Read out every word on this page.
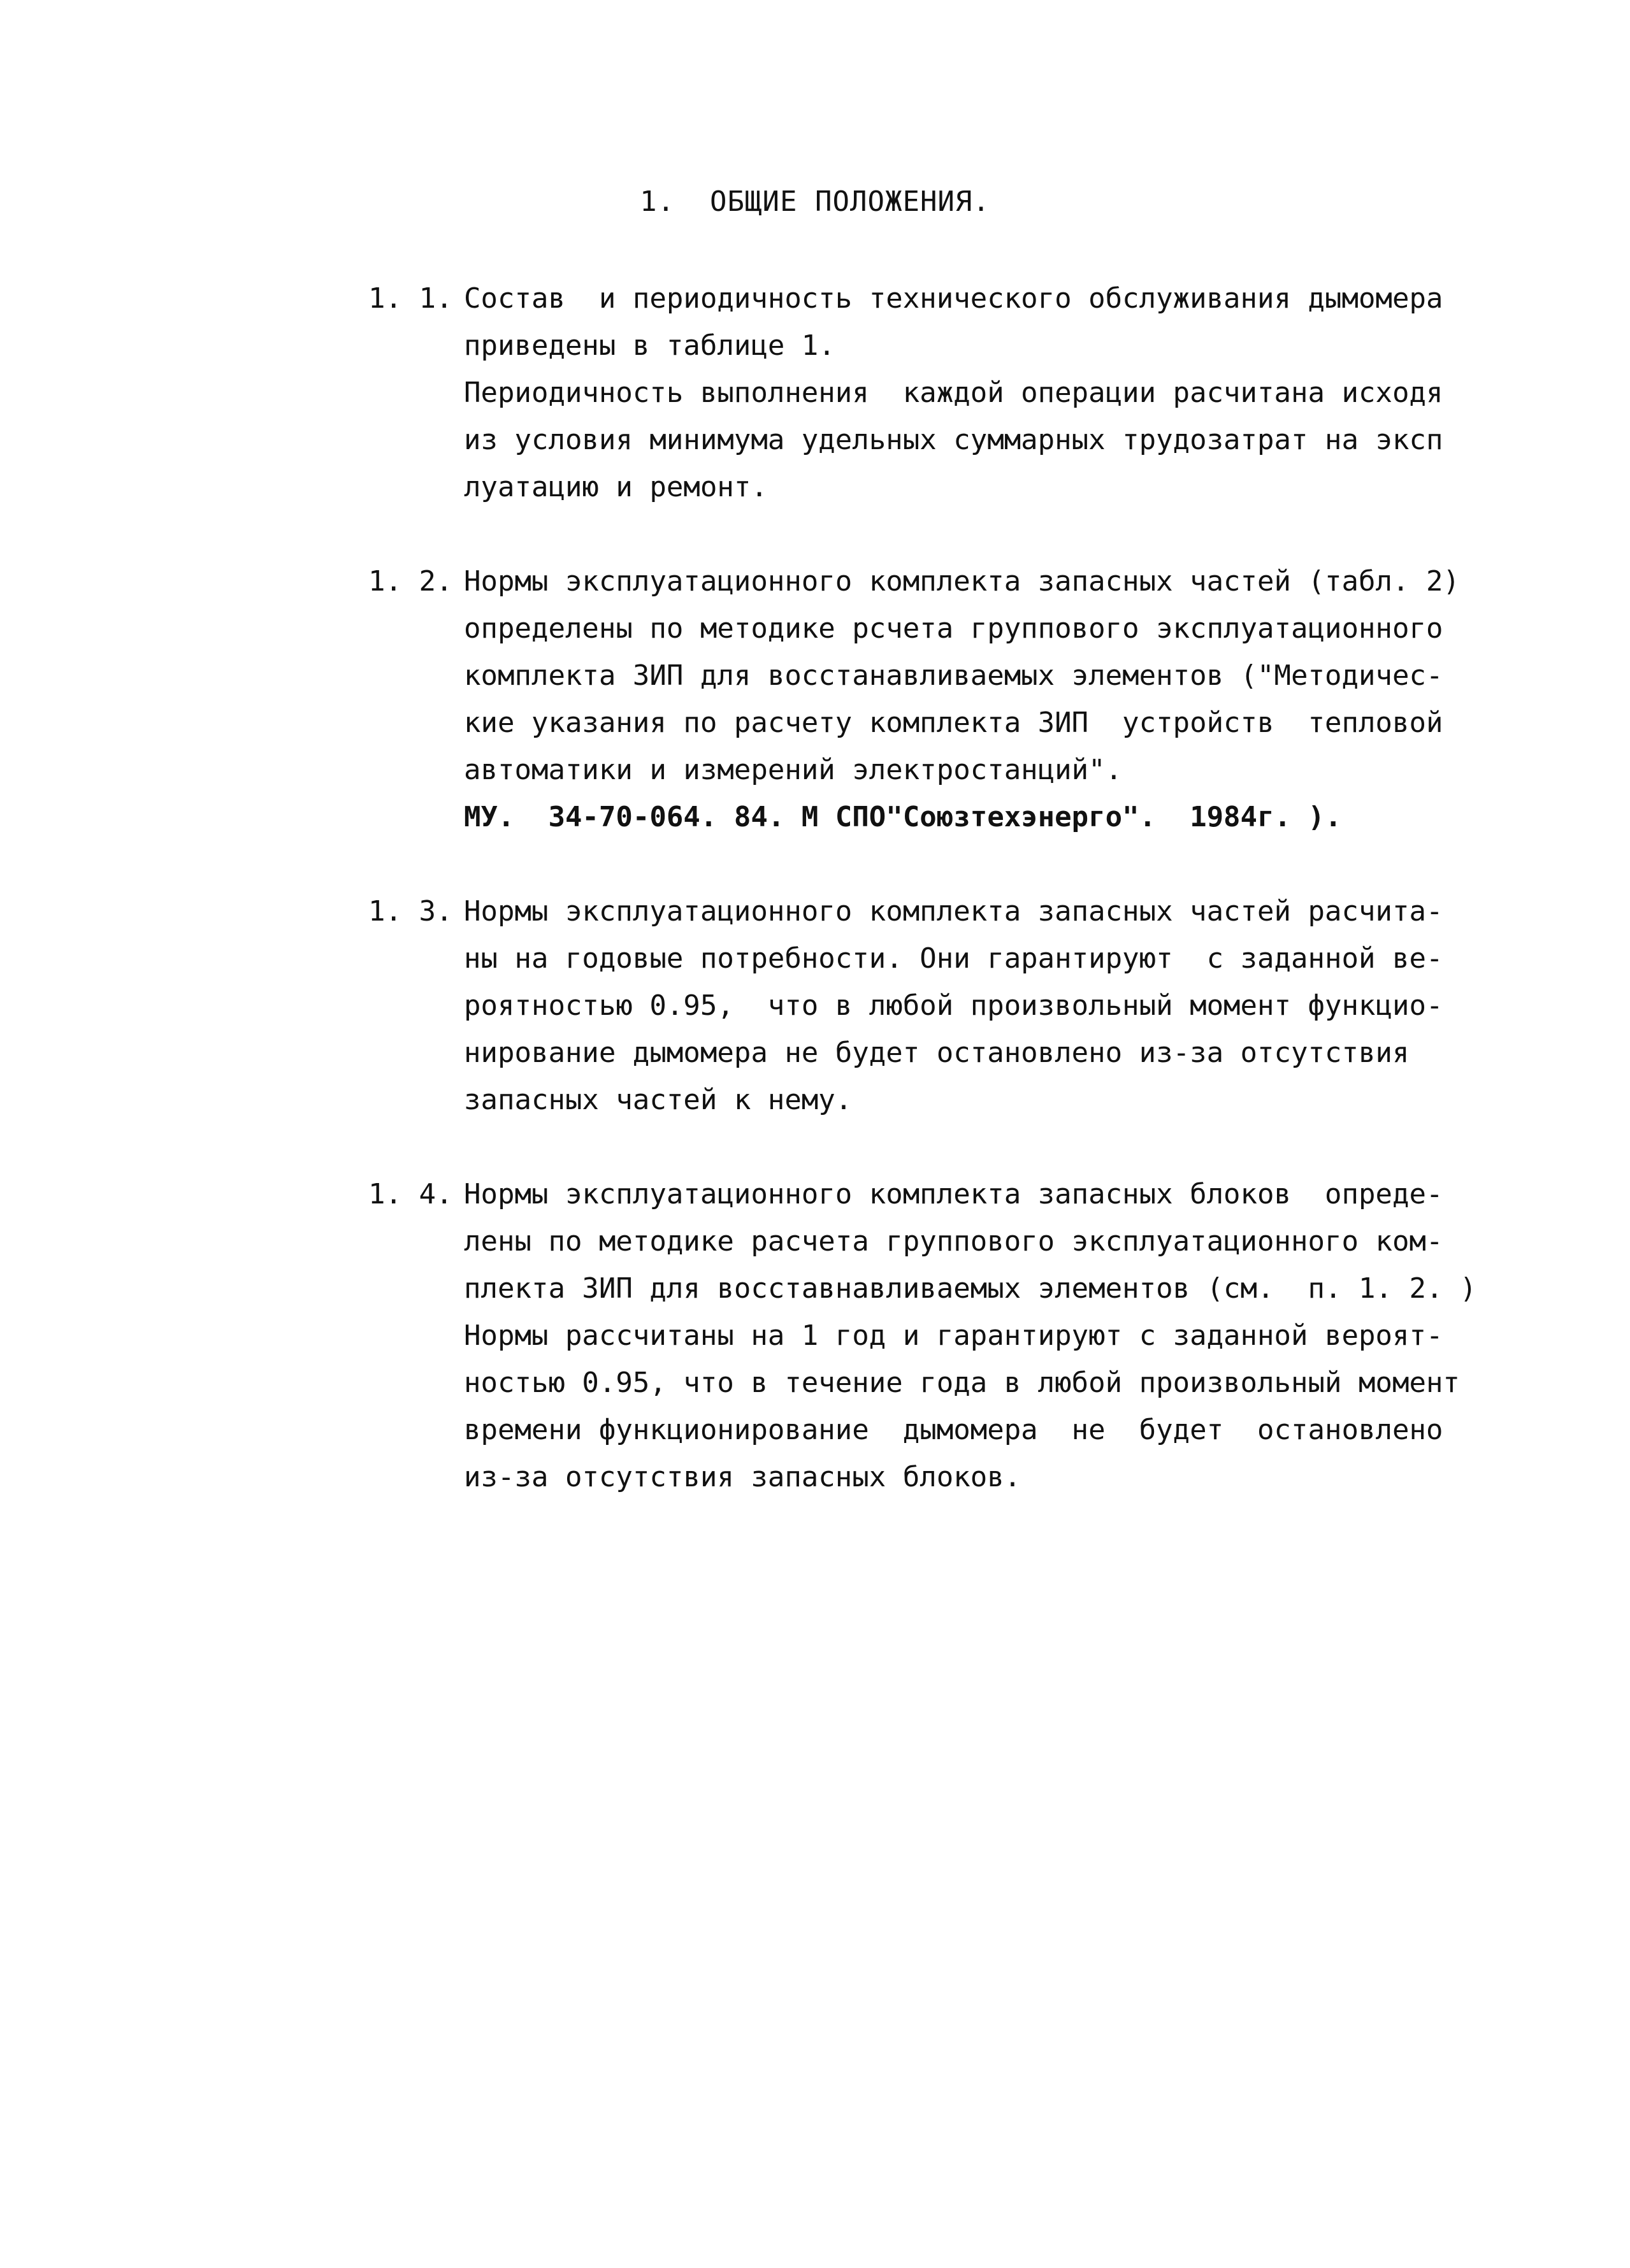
1.  ОБЩИЕ ПОЛОЖЕНИЯ.
1. 1. Состав  и периодичность технического обслуживания дымомера
приведены в таблице 1.
Периодичность выполнения  каждой операции расчитана исходя
из условия минимума удельных суммарных трудозатрат на эксп
луатацию и ремонт.
1. 2. Нормы эксплуатационного комплекта запасных частей (табл. 2)
определены по методике рсчета группового эксплуатационного
комплекта ЗИП для восстанавливаемых элементов ("Методичес-
кие указания по расчету комплекта ЗИП  устройств  тепловой
автоматики и измерений электростанций".
МУ.  34-70-064. 84. М СПО"Союзтехэнерго".  1984г. ).
1. 3. Нормы эксплуатационного комплекта запасных частей расчита-
ны на годовые потребности. Они гарантируют  с заданной ве-
роятностью 0.95,  что в любой произвольный момент функцио-
нирование дымомера не будет остановлено из-за отсутствия
запасных частей к нему.
1. 4. Нормы эксплуатационного комплекта запасных блоков  опреде-
лены по методике расчета группового эксплуатационного ком-
плекта ЗИП для восставнавливаемых элементов (см.  п. 1. 2. )
Нормы рассчитаны на 1 год и гарантируют с заданной вероят-
ностью 0.95, что в течение года в любой произвольный момент
времени функционирование  дымомера  не  будет  остановлено
из-за отсутствия запасных блоков.
